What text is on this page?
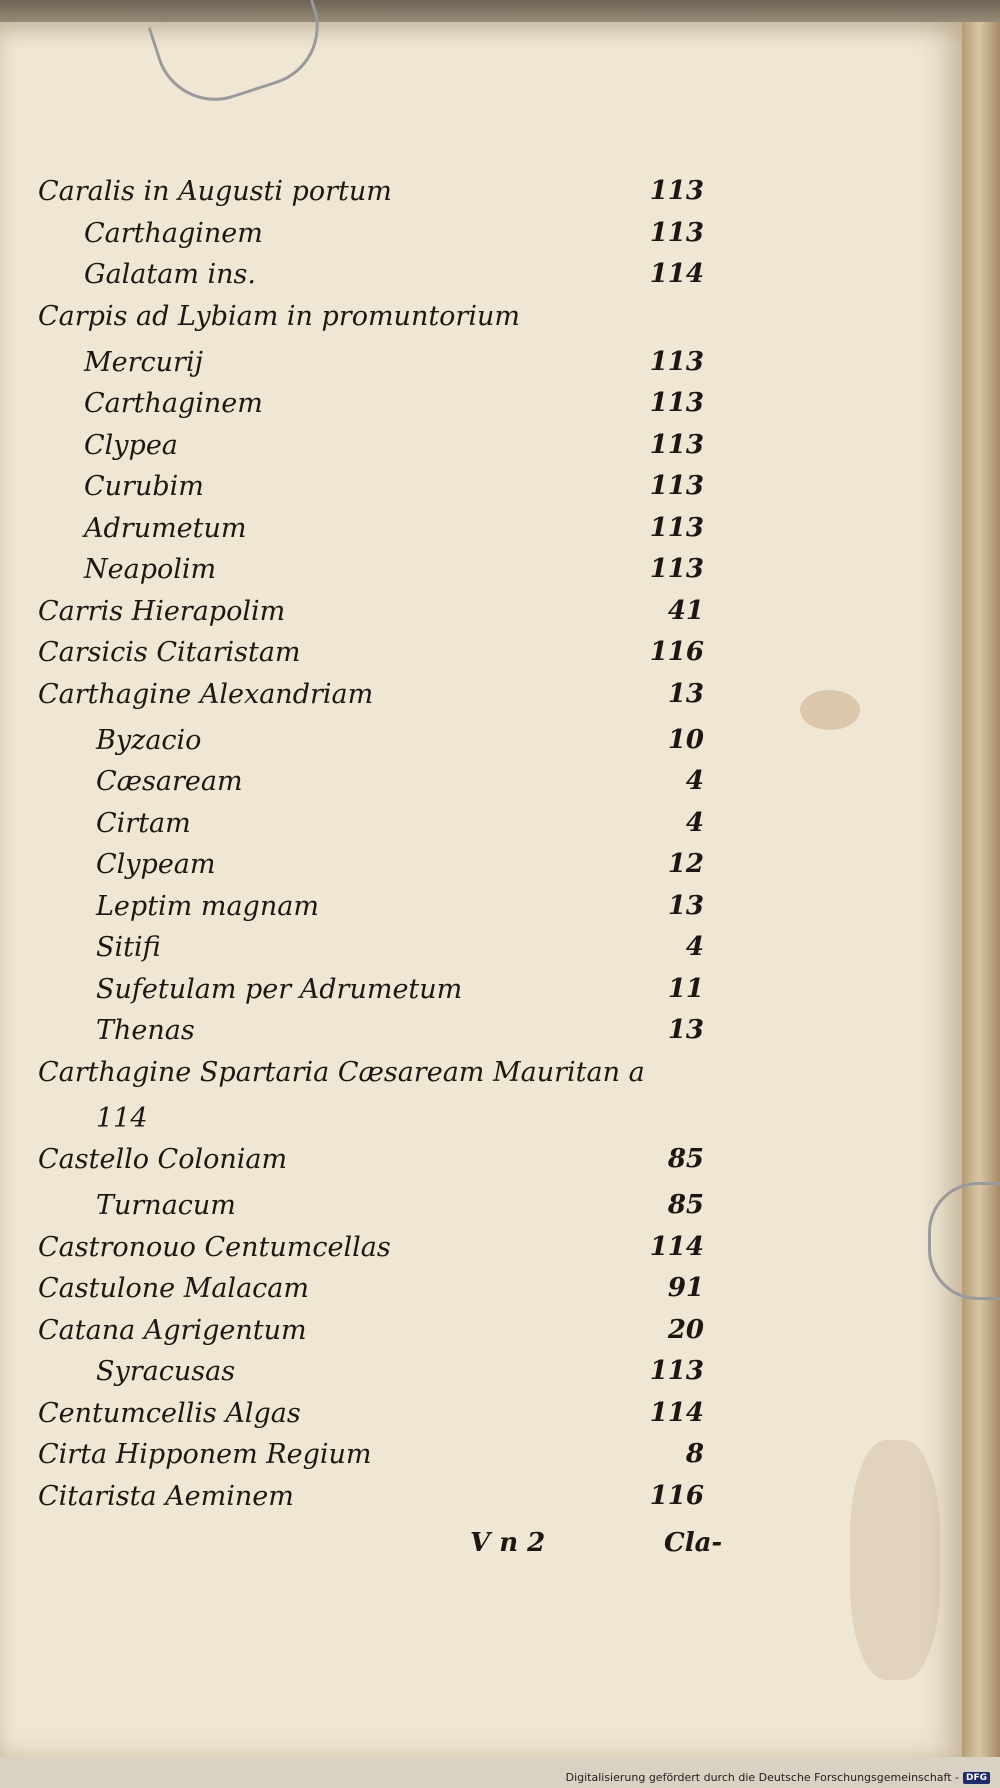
Caralis in Augusti portum	113
Carthaginem	113
Galatam ins.	114
Carpis ad Lybiam in promuntorium
Mercurij	113
Carthaginem	113
Clypea	113
Curubim	113
Adrumetum	113
Neapolim	113
Carris Hierapolim	41
Carsicis Citaristam	116
Carthagine Alexandriam	13
Byzacio	10
Cæsaream	4
Cirtam	4
Clypeam	12
Leptim magnam	13
Sitifi	4
Sufetulam per Adrumetum	11
Thenas	13
Carthagine Spartaria Cæsaream Mauritan a
114
Castello Coloniam	85
Turnacum	85
Castronouo Centumcellas	114
Castulone Malacam	91
Catana Agrigentum	20
Syracusas	113
Centumcellis Algas	114
Cirta Hipponem Regium	8
Citarista Aeminem	116
V n 2	Cla-
Digitalisierung gefördert durch die Deutsche Forschungsgemeinschaft - DFG
